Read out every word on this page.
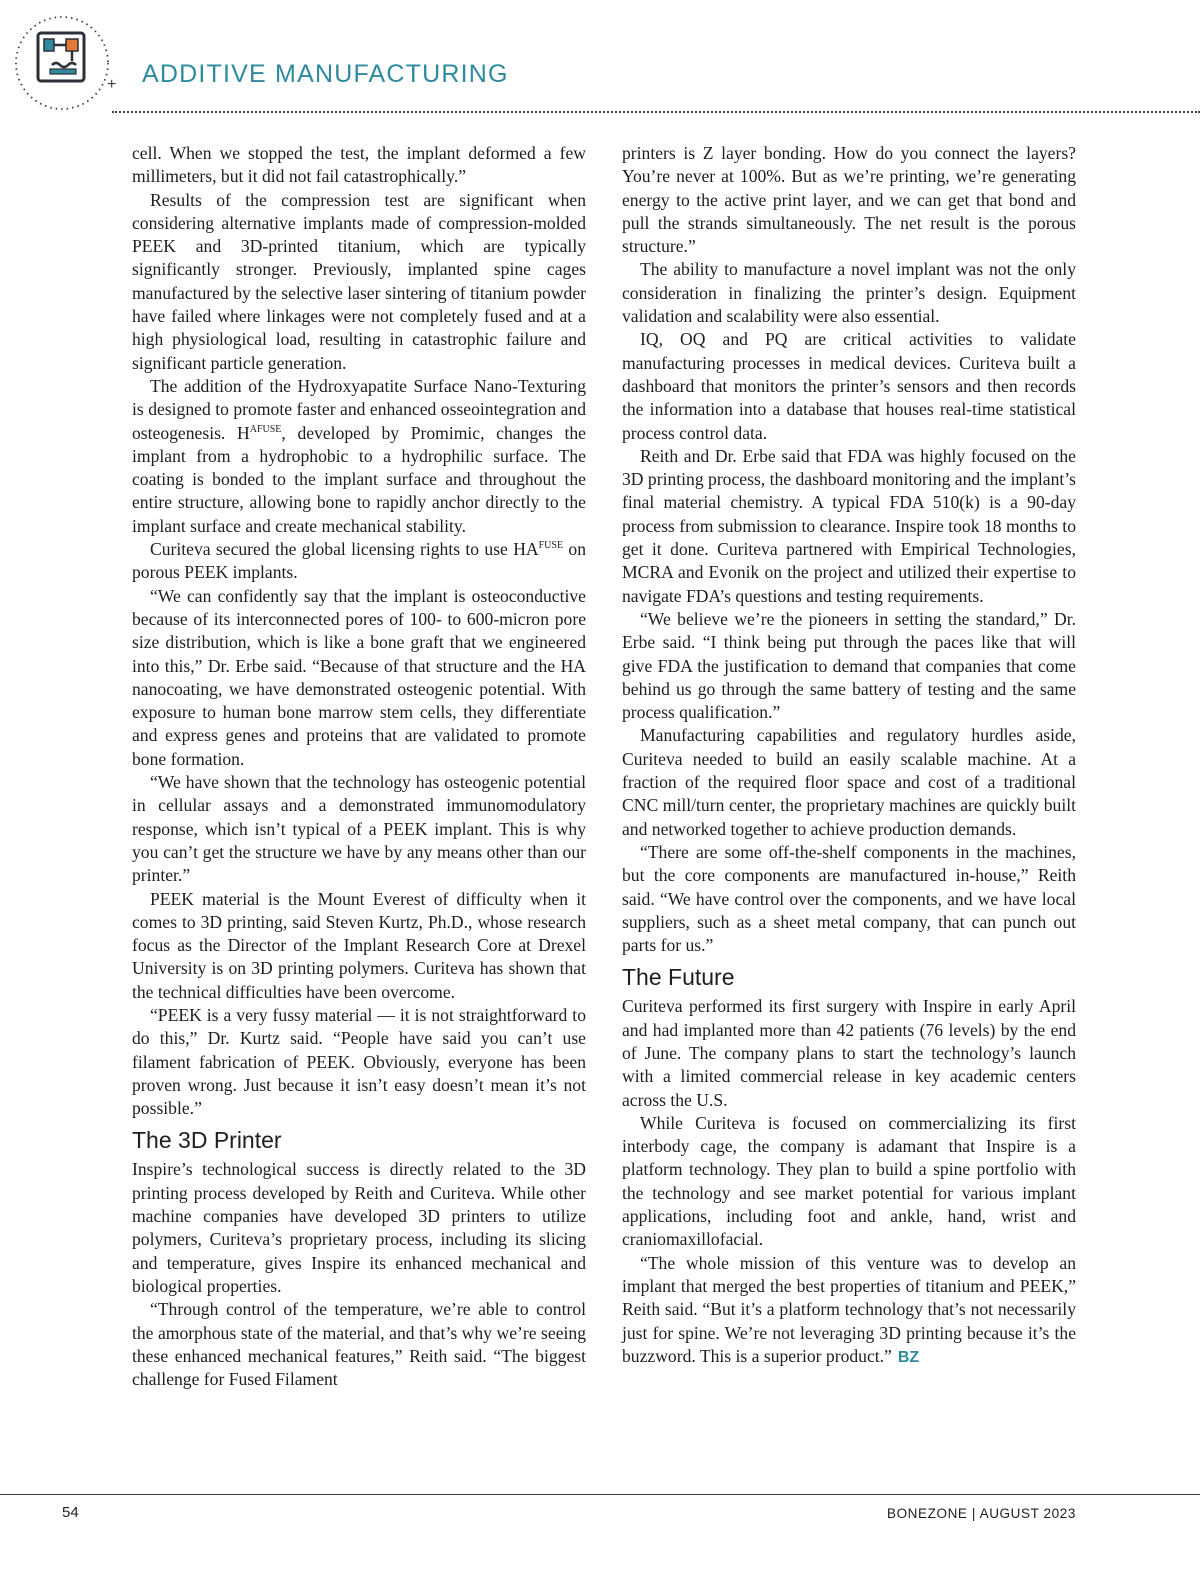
+ ADDITIVE MANUFACTURING

cell. When we stopped the test, the implant deformed a few millimeters, but it did not fail catastrophically.”

Results of the compression test are significant when considering alternative implants made of compression-molded PEEK and 3D-printed titanium, which are typically significantly stronger. Previously, implanted spine cages manufactured by the selective laser sintering of titanium powder have failed where linkages were not completely fused and at a high physiological load, resulting in catastrophic failure and significant particle generation.

The addition of the Hydroxyapatite Surface Nano-Texturing is designed to promote faster and enhanced osseointegration and osteogenesis. $H^{AFUSE}$, developed by Promimic, changes the implant from a hydrophobic to a hydrophilic surface. The coating is bonded to the implant surface and throughout the entire structure, allowing bone to rapidly anchor directly to the implant surface and create mechanical stability.

Curiteva secured the global licensing rights to use $HA^{FUSE}$ on porous PEEK implants.

“We can confidently say that the implant is osteoconductive because of its interconnected pores of 100- to 600-micron pore size distribution, which is like a bone graft that we engineered into this,” Dr. Erbe said. “Because of that structure and the HA nanocoating, we have demonstrated osteogenic potential. With exposure to human bone marrow stem cells, they differentiate and express genes and proteins that are validated to promote bone formation.

“We have shown that the technology has osteogenic potential in cellular assays and a demonstrated immunomodulatory response, which isn’t typical of a PEEK implant. This is why you can’t get the structure we have by any means other than our printer.”

PEEK material is the Mount Everest of difficulty when it comes to 3D printing, said Steven Kurtz, Ph.D., whose research focus as the Director of the Implant Research Core at Drexel University is on 3D printing polymers. Curiteva has shown that the technical difficulties have been overcome.

“PEEK is a very fussy material — it is not straightforward to do this,” Dr. Kurtz said. “People have said you can’t use filament fabrication of PEEK. Obviously, everyone has been proven wrong. Just because it isn’t easy doesn’t mean it’s not possible.”

The 3D Printer

Inspire’s technological success is directly related to the 3D printing process developed by Reith and Curiteva. While other machine companies have developed 3D printers to utilize polymers, Curiteva’s proprietary process, including its slicing and temperature, gives Inspire its enhanced mechanical and biological properties.

“Through control of the temperature, we’re able to control the amorphous state of the material, and that’s why we’re seeing these enhanced mechanical features,” Reith said. “The biggest challenge for Fused Filament

printers is Z layer bonding. How do you connect the layers? You’re never at 100%. But as we’re printing, we’re generating energy to the active print layer, and we can get that bond and pull the strands simultaneously. The net result is the porous structure.”

The ability to manufacture a novel implant was not the only consideration in finalizing the printer’s design. Equipment validation and scalability were also essential.

IQ, OQ and PQ are critical activities to validate manufacturing processes in medical devices. Curiteva built a dashboard that monitors the printer’s sensors and then records the information into a database that houses real-time statistical process control data.

Reith and Dr. Erbe said that FDA was highly focused on the 3D printing process, the dashboard monitoring and the implant’s final material chemistry. A typical FDA 510(k) is a 90-day process from submission to clearance. Inspire took 18 months to get it done. Curiteva partnered with Empirical Technologies, MCRA and Evonik on the project and utilized their expertise to navigate FDA’s questions and testing requirements.

“We believe we’re the pioneers in setting the standard,” Dr. Erbe said. “I think being put through the paces like that will give FDA the justification to demand that companies that come behind us go through the same battery of testing and the same process qualification.”

Manufacturing capabilities and regulatory hurdles aside, Curiteva needed to build an easily scalable machine. At a fraction of the required floor space and cost of a traditional CNC mill/turn center, the proprietary machines are quickly built and networked together to achieve production demands.

“There are some off-the-shelf components in the machines, but the core components are manufactured in-house,” Reith said. “We have control over the components, and we have local suppliers, such as a sheet metal company, that can punch out parts for us.”

The Future

Curiteva performed its first surgery with Inspire in early April and had implanted more than 42 patients (76 levels) by the end of June. The company plans to start the technology’s launch with a limited commercial release in key academic centers across the U.S.

While Curiteva is focused on commercializing its first interbody cage, the company is adamant that Inspire is a platform technology. They plan to build a spine portfolio with the technology and see market potential for various implant applications, including foot and ankle, hand, wrist and craniomaxillofacial.

“The whole mission of this venture was to develop an implant that merged the best properties of titanium and PEEK,” Reith said. “But it’s a platform technology that’s not necessarily just for spine. We’re not leveraging 3D printing because it’s the buzzword. This is a superior product.” BZ

54	BONEZONE | AUGUST 2023
